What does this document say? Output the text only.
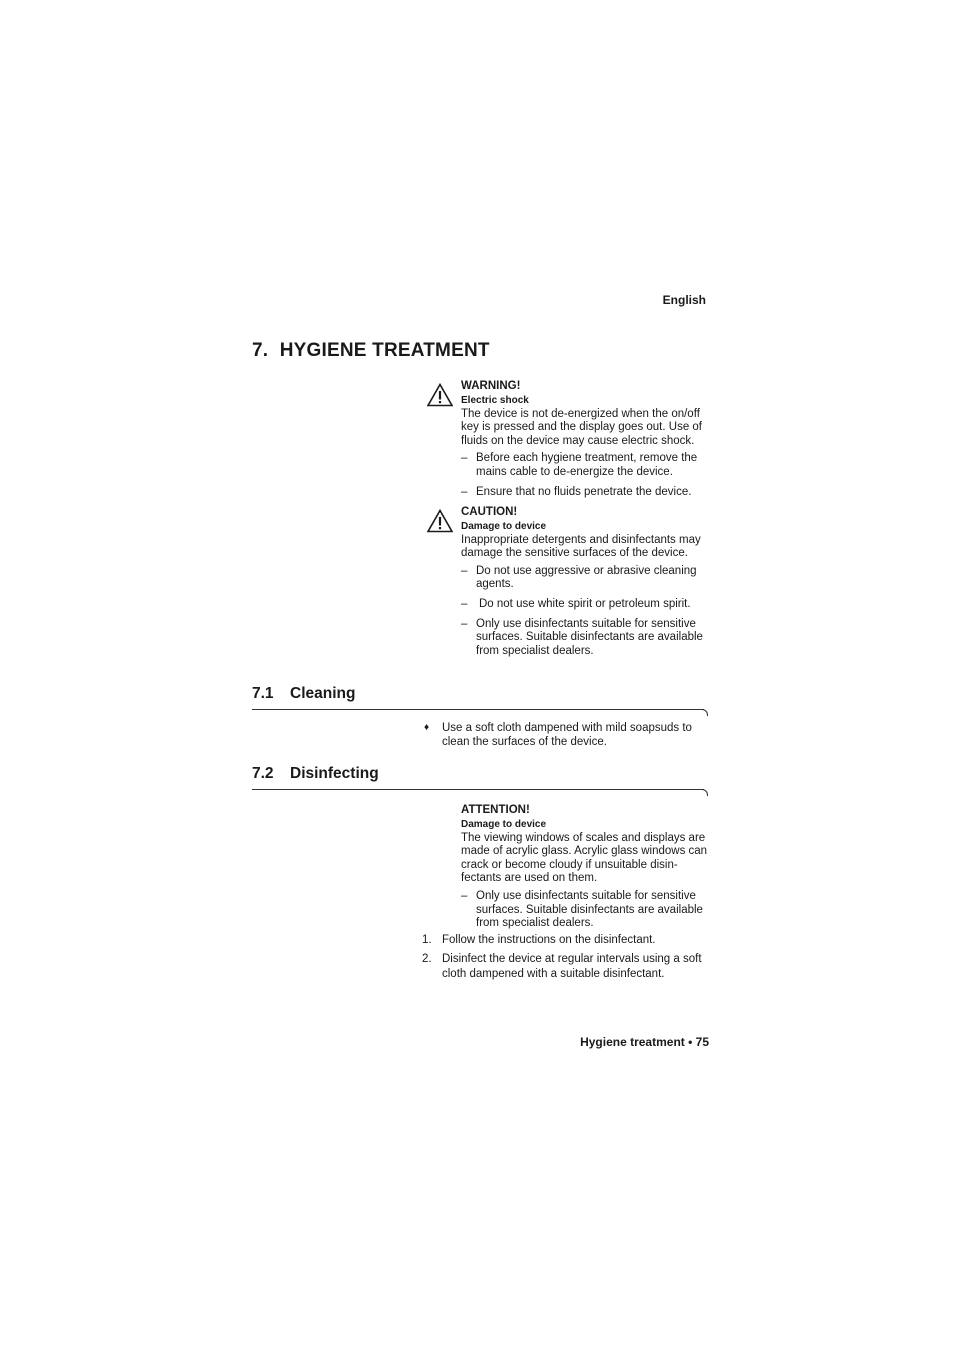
English
7. HYGIENE TREATMENT
WARNING!
Electric shock
The device is not de-energized when the on/off key is pressed and the display goes out. Use of fluids on the device may cause electric shock.
– Before each hygiene treatment, remove the mains cable to de-energize the device.
– Ensure that no fluids penetrate the device.
CAUTION!
Damage to device
Inappropriate detergents and disinfectants may damage the sensitive surfaces of the device.
– Do not use aggressive or abrasive cleaning agents.
– Do not use white spirit or petroleum spirit.
– Only use disinfectants suitable for sensitive surfaces. Suitable disinfectants are available from specialist dealers.
7.1 Cleaning
♦ Use a soft cloth dampened with mild soapsuds to clean the surfaces of the device.
7.2 Disinfecting
ATTENTION!
Damage to device
The viewing windows of scales and displays are made of acrylic glass. Acrylic glass windows can crack or become cloudy if unsuitable disin-fectants are used on them.
– Only use disinfectants suitable for sensitive surfaces. Suitable disinfectants are available from specialist dealers.
1. Follow the instructions on the disinfectant.
2. Disinfect the device at regular intervals using a soft cloth dampened with a suitable disinfectant.
Hygiene treatment • 75
